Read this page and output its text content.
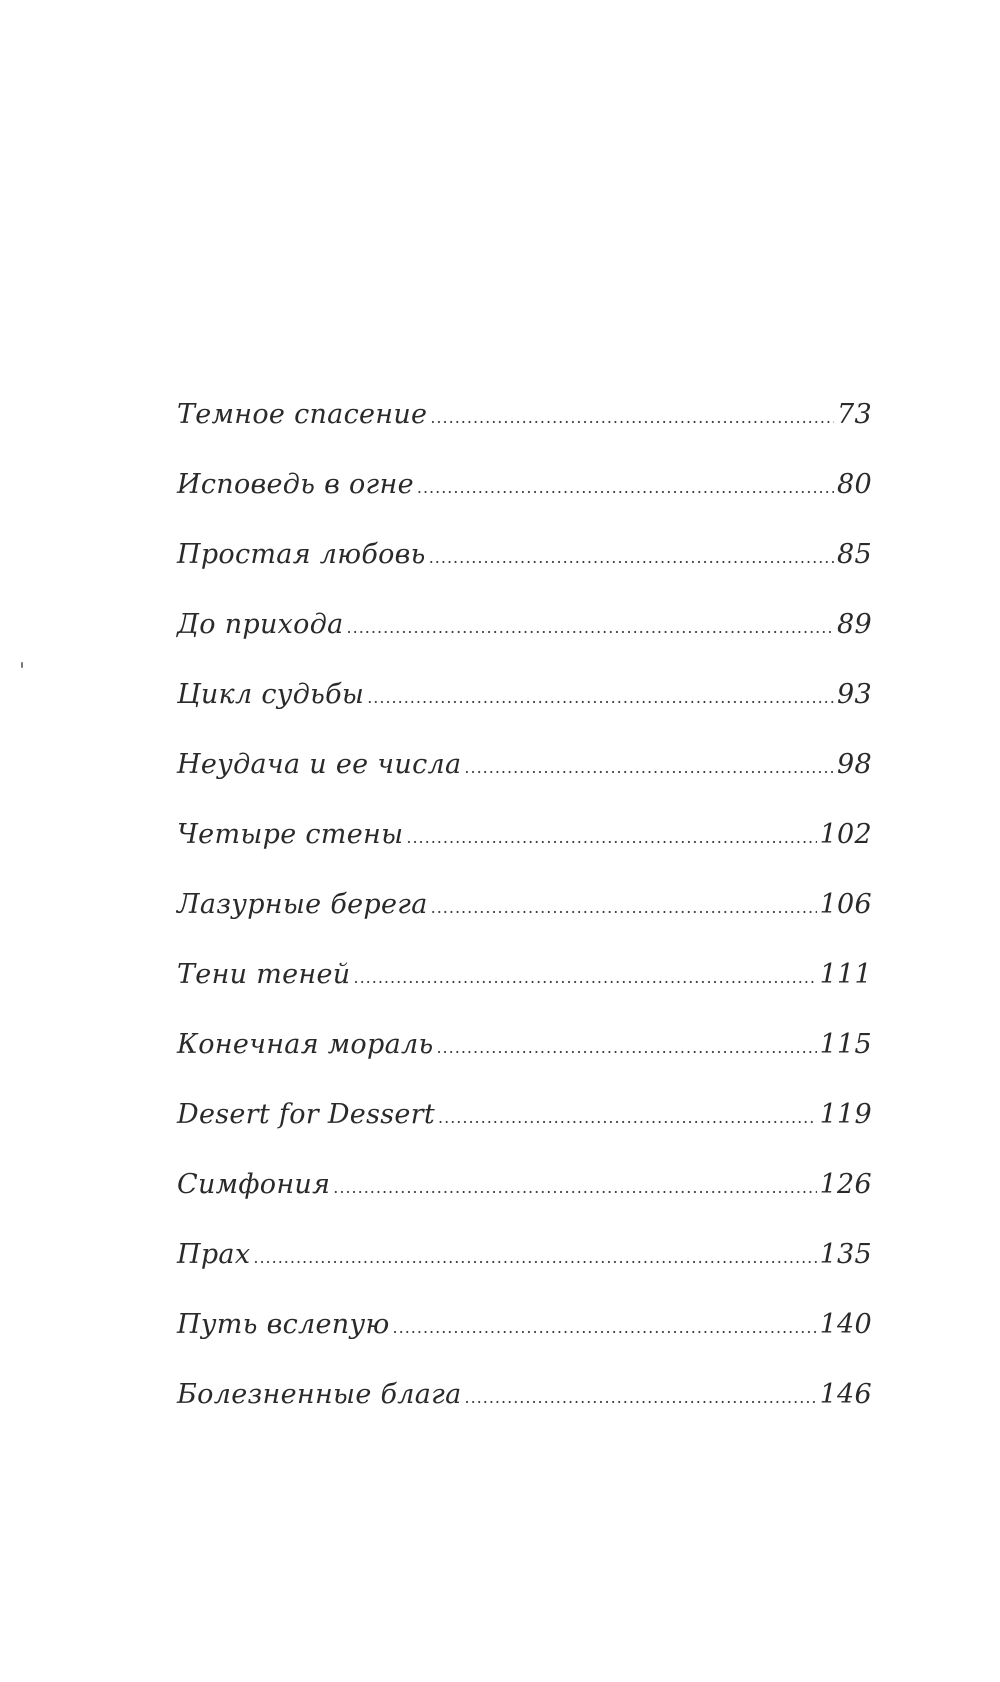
Темное спасение .....	73
Исповедь в огне .....	80
Простая любовь .....	85
До прихода .....	89
Цикл судьбы .....	93
Неудача и ее числа .....	98
Четыре стены .....	102
Лазурные берега .....	106
Тени теней .....	111
Конечная мораль .....	115
Desert for Dessert .....	119
Симфония .....	126
Прах .....	135
Путь вслепую .....	140
Болезненные блага .....	146
